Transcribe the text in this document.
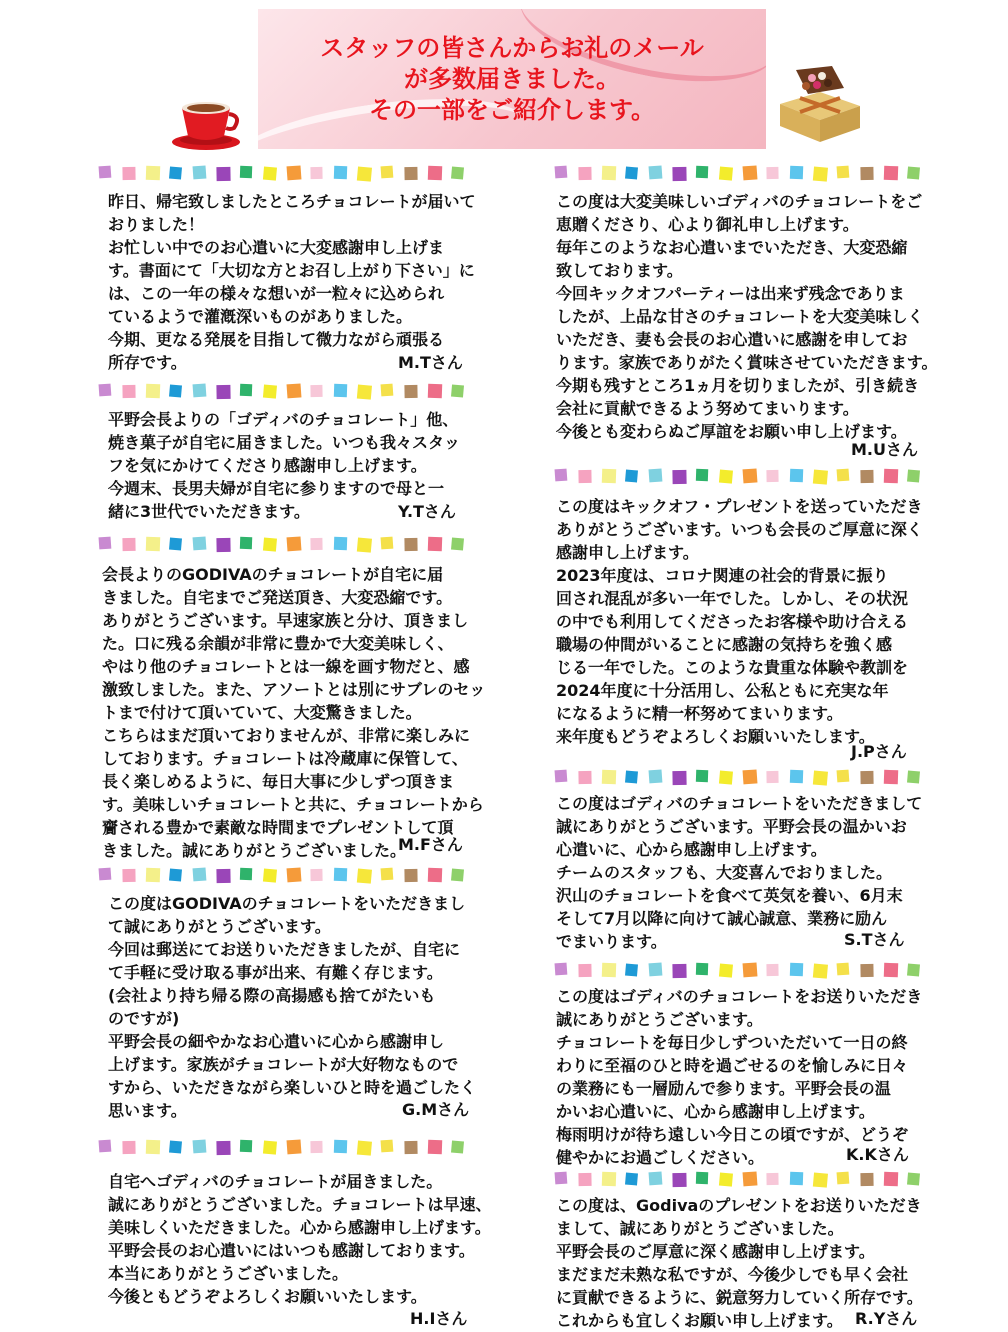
スタッフの皆さんからお礼のメール
が多数届きました。
その一部をご紹介します。

昨日、帰宅致しましたところチョコレートが届いて
おりました！
お忙しい中でのお心遣いに大変感謝申し上げま
す。書面にて「大切な方とお召し上がり下さい」に
は、この一年の様々な想いが一粒々に込められ
ているようで灌漑深いものがありました。
今期、更なる発展を目指して微力ながら頑張る
所存です。	M.Tさん

平野会長よりの「ゴディバのチョコレート」他、
焼き菓子が自宅に届きました。いつも我々スタッ
フを気にかけてくださり感謝申し上げます。
今週末、長男夫婦が自宅に参りますので母と一
緒に3世代でいただきます。	Y.Tさん

会長よりのGODIVAのチョコレートが自宅に届
きました。自宅までご発送頂き、大変恐縮です。
ありがとうございます。早速家族と分け、頂きまし
た。口に残る余韻が非常に豊かで大変美味しく、
やはり他のチョコレートとは一線を画す物だと、感
激致しました。また、アソートとは別にサブレのセッ
トまで付けて頂いていて、大変驚きました。
こちらはまだ頂いておりませんが、非常に楽しみに
しております。チョコレートは冷蔵庫に保管して、
長く楽しめるように、毎日大事に少しずつ頂きま
す。美味しいチョコレートと共に、チョコレートから
齎される豊かで素敵な時間までプレゼントして頂
きました。誠にありがとうございました。

M.Fさん

この度はGODIVAのチョコレートをいただきまし
て誠にありがとうございます。
今回は郵送にてお送りいただきましたが、自宅に
て手軽に受け取る事が出来、有難く存じます。
(会社より持ち帰る際の高揚感も捨てがたいも
のですが)
平野会長の細やかなお心遣いに心から感謝申し
上げます。家族がチョコレートが大好物なもので
すから、いただきながら楽しいひと時を過ごしたく
思います。	G.Mさん

自宅へゴディバのチョコレートが届きました。
誠にありがとうございました。チョコレートは早速、
美味しくいただきました。心から感謝申し上げます。
平野会長のお心遣いにはいつも感謝しております。
本当にありがとうございました。
今後ともどうぞよろしくお願いいたします。

H.Iさん

この度は大変美味しいゴディバのチョコレートをご
恵贈くださり、心より御礼申し上げます。
毎年このようなお心遣いまでいただき、大変恐縮
致しております。
今回キックオフパーティーは出来ず残念でありま
したが、上品な甘さのチョコレートを大変美味しく
いただき、妻も会長のお心遣いに感謝を申してお
ります。家族でありがたく賞味させていただきます。
今期も残すところ1ヵ月を切りましたが、引き続き
会社に貢献できるよう努めてまいります。
今後とも変わらぬご厚誼をお願い申し上げます。

M.Uさん

この度はキックオフ・プレゼントを送っていただき
ありがとうございます。いつも会長のご厚意に深く
感謝申し上げます。
2023年度は、コロナ関連の社会的背景に振り
回され混乱が多い一年でした。しかし、その状況
の中でも利用してくださったお客様や助け合える
職場の仲間がいることに感謝の気持ちを強く感
じる一年でした。このような貴重な体験や教訓を
2024年度に十分活用し、公私ともに充実な年
になるように精一杯努めてまいります。
来年度もどうぞよろしくお願いいたします。

J.Pさん

この度はゴディバのチョコレートをいただきまして
誠にありがとうございます。平野会長の温かいお
心遣いに、心から感謝申し上げます。
チームのスタッフも、大変喜んでおりました。
沢山のチョコレートを食べて英気を養い、6月末
そして7月以降に向けて誠心誠意、業務に励ん
でまいります。	S.Tさん

この度はゴディバのチョコレートをお送りいただき
誠にありがとうございます。
チョコレートを毎日少しずついただいて一日の終
わりに至福のひと時を過ごせるのを愉しみに日々
の業務にも一層励んで参ります。平野会長の温
かいお心遣いに、心から感謝申し上げます。
梅雨明けが待ち遠しい今日この頃ですが、どうぞ
健やかにお過ごしください。	K.Kさん

この度は、Godivaのプレゼントをお送りいただき
まして、誠にありがとうございました。
平野会長のご厚意に深く感謝申し上げます。
まだまだ未熟な私ですが、今後少しでも早く会社
に貢献できるように、鋭意努力していく所存です。
これからも宜しくお願い申し上げます。 R.Yさん
